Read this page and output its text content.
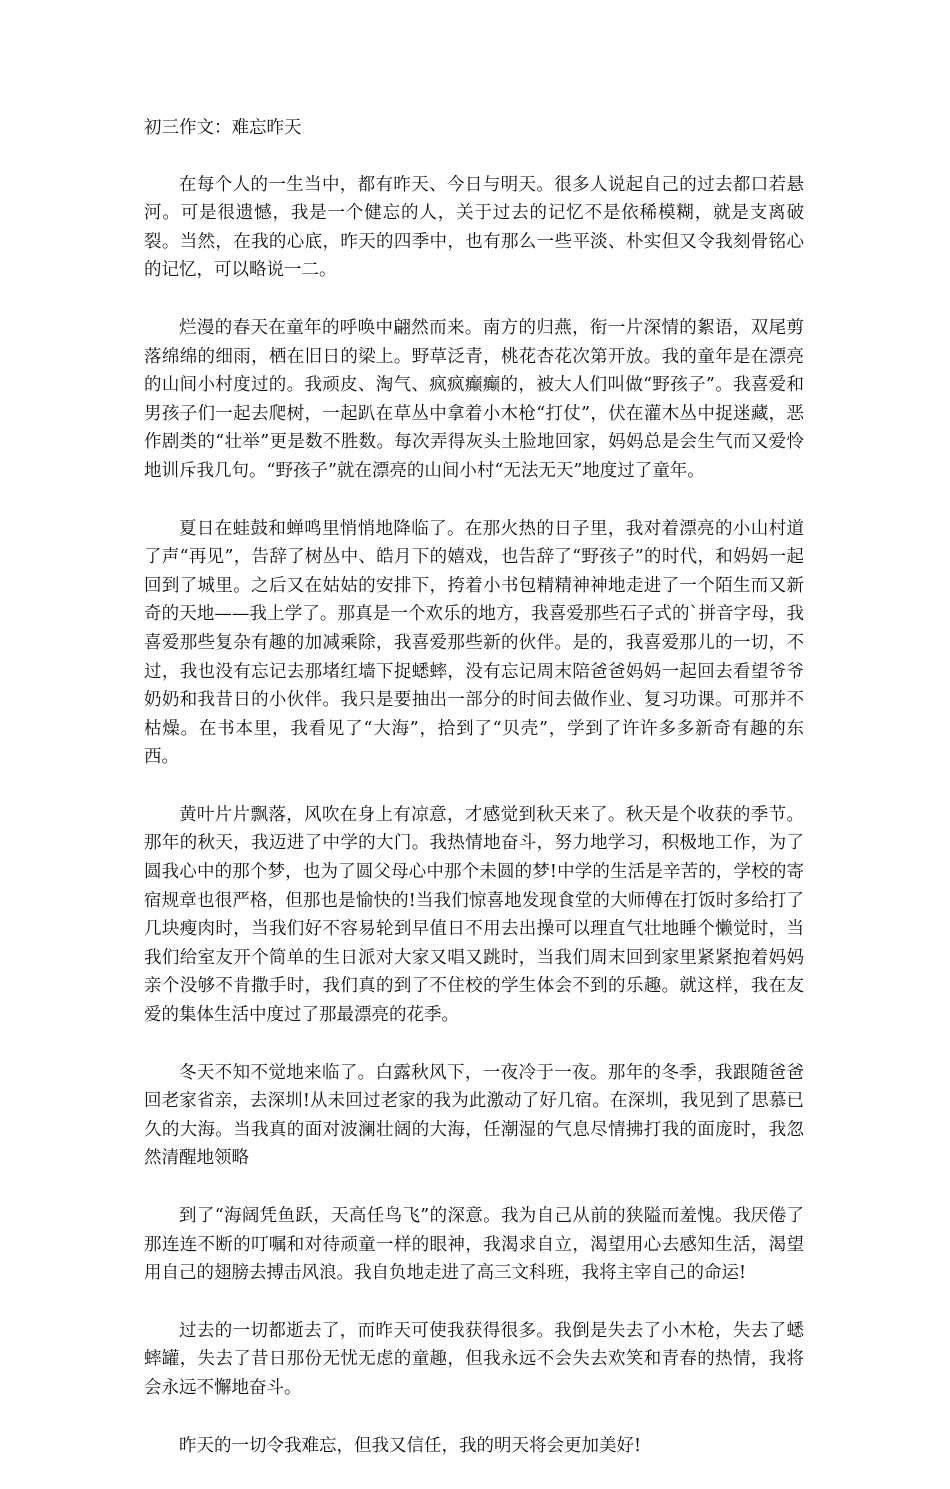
初三作文：难忘昨天
在每个人的一生当中，都有昨天、今日与明天。很多人说起自己的过去都口若悬河。可是很遗憾，我是一个健忘的人，关于过去的记忆不是依稀模糊，就是支离破裂。当然，在我的心底，昨天的四季中，也有那么一些平淡、朴实但又令我刻骨铭心的记忆，可以略说一二。
烂漫的春天在童年的呼唤中翩然而来。南方的归燕，衔一片深情的絮语，双尾剪落绵绵的细雨，栖在旧日的梁上。野草泛青，桃花杏花次第开放。我的童年是在漂亮的山间小村度过的。我顽皮、淘气、疯疯癫癫的，被大人们叫做“野孩子”。我喜爱和男孩子们一起去爬树，一起趴在草丛中拿着小木枪“打仗”，伏在灌木丛中捉迷藏，恶作剧类的“壮举”更是数不胜数。每次弄得灰头土脸地回家，妈妈总是会生气而又爱怜地训斥我几句。“野孩子”就在漂亮的山间小村“无法无天”地度过了童年。
夏日在蛙鼓和蝉鸣里悄悄地降临了。在那火热的日子里，我对着漂亮的小山村道了声“再见”，告辞了树丛中、皓月下的嬉戏，也告辞了“野孩子”的时代，和妈妈一起回到了城里。之后又在姑姑的安排下，挎着小书包精精神神地走进了一个陌生而又新奇的天地——我上学了。那真是一个欢乐的地方，我喜爱那些石子式的`拼音字母，我喜爱那些复杂有趣的加减乘除，我喜爱那些新的伙伴。是的，我喜爱那儿的一切，不过，我也没有忘记去那堵红墙下捉蟋蟀，没有忘记周末陪爸爸妈妈一起回去看望爷爷奶奶和我昔日的小伙伴。我只是要抽出一部分的时间去做作业、复习功课。可那并不枯燥。在书本里，我看见了“大海”，拾到了“贝壳”，学到了许许多多新奇有趣的东西。
黄叶片片飘落，风吹在身上有凉意，才感觉到秋天来了。秋天是个收获的季节。那年的秋天，我迈进了中学的大门。我热情地奋斗，努力地学习，积极地工作，为了圆我心中的那个梦，也为了圆父母心中那个未圆的梦!中学的生活是辛苦的，学校的寄宿规章也很严格，但那也是愉快的!当我们惊喜地发现食堂的大师傅在打饭时多给打了几块瘦肉时，当我们好不容易轮到早值日不用去出操可以理直气壮地睡个懒觉时，当我们给室友开个简单的生日派对大家又唱又跳时，当我们周末回到家里紧紧抱着妈妈亲个没够不肯撒手时，我们真的到了不住校的学生体会不到的乐趣。就这样，我在友爱的集体生活中度过了那最漂亮的花季。
冬天不知不觉地来临了。白露秋风下，一夜冷于一夜。那年的冬季，我跟随爸爸回老家省亲，去深圳!从未回过老家的我为此激动了好几宿。在深圳，我见到了思慕已久的大海。当我真的面对波澜壮阔的大海，任潮湿的气息尽情拂打我的面庞时，我忽然清醒地领略
到了“海阔凭鱼跃，天高任鸟飞”的深意。我为自己从前的狭隘而羞愧。我厌倦了那连连不断的叮嘱和对待顽童一样的眼神，我渴求自立，渴望用心去感知生活，渴望用自己的翅膀去搏击风浪。我自负地走进了高三文科班，我将主宰自己的命运!
过去的一切都逝去了，而昨天可使我获得很多。我倒是失去了小木枪，失去了蟋蟀罐，失去了昔日那份无忧无虑的童趣，但我永远不会失去欢笑和青春的热情，我将会永远不懈地奋斗。
昨天的一切令我难忘，但我又信任，我的明天将会更加美好!
